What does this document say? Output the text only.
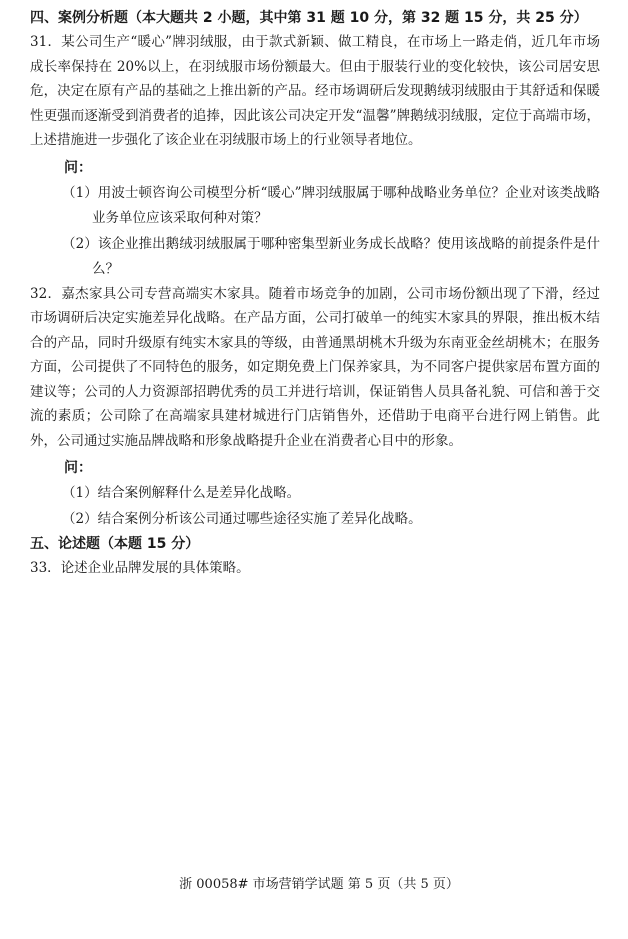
四、案例分析题（本大题共 2 小题，其中第 31 题 10 分，第 32 题 15 分，共 25 分）

31．某公司生产“暖心”牌羽绒服，由于款式新颖、做工精良，在市场上一路走俏，近几年市场成长率保持在 20%以上，在羽绒服市场份额最大。但由于服装行业的变化较快，该公司居安思危，决定在原有产品的基础之上推出新的产品。经市场调研后发现鹅绒羽绒服由于其舒适和保暖性更强而逐渐受到消费者的追捧，因此该公司决定开发“温馨”牌鹅绒羽绒服，定位于高端市场，上述措施进一步强化了该企业在羽绒服市场上的行业领导者地位。

问：

（1）用波士顿咨询公司模型分析“暖心”牌羽绒服属于哪种战略业务单位？企业对该类战略业务单位应该采取何种对策？

（2）该企业推出鹅绒羽绒服属于哪种密集型新业务成长战略？使用该战略的前提条件是什么？

32．嘉杰家具公司专营高端实木家具。随着市场竞争的加剧，公司市场份额出现了下滑，经过市场调研后决定实施差异化战略。在产品方面，公司打破单一的纯实木家具的界限，推出板木结合的产品，同时升级原有纯实木家具的等级，由普通黑胡桃木升级为东南亚金丝胡桃木；在服务方面，公司提供了不同特色的服务，如定期免费上门保养家具，为不同客户提供家居布置方面的建议等；公司的人力资源部招聘优秀的员工并进行培训，保证销售人员具备礼貌、可信和善于交流的素质；公司除了在高端家具建材城进行门店销售外，还借助于电商平台进行网上销售。此外，公司通过实施品牌战略和形象战略提升企业在消费者心目中的形象。

问：

（1）结合案例解释什么是差异化战略。

（2）结合案例分析该公司通过哪些途径实施了差异化战略。

五、论述题（本题 15 分）

33．论述企业品牌发展的具体策略。

浙 00058# 市场营销学试题 第 5 页（共 5 页）
